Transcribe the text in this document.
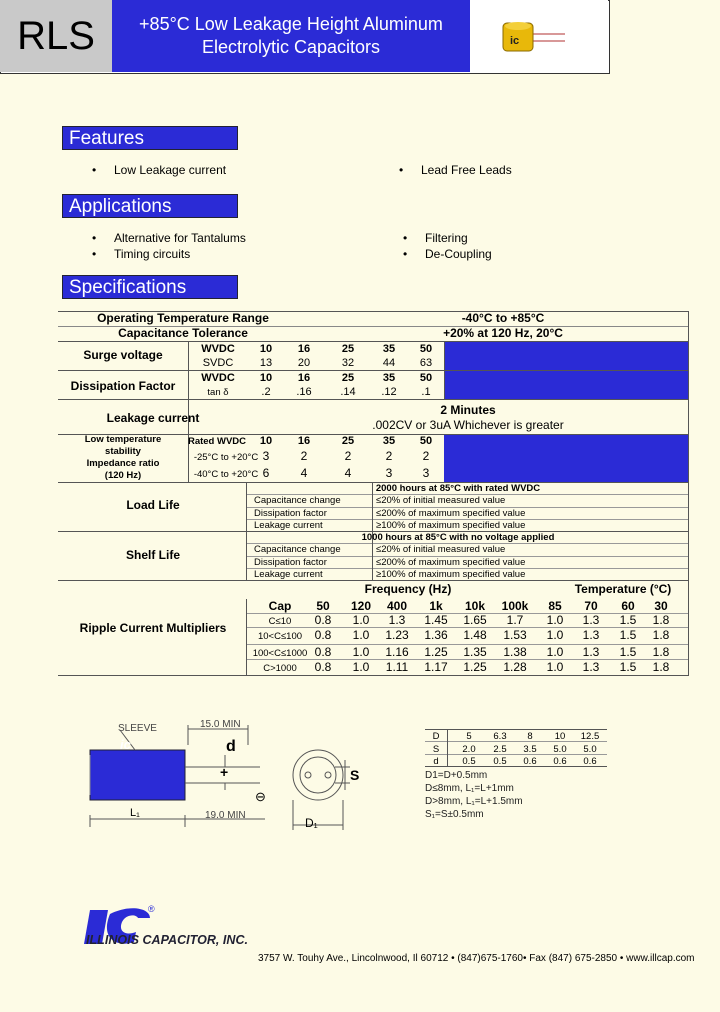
RLS	+85°C Low Leakage Height Aluminum
Electrolytic Capacitors	ic
Features
• Low Leakage current
•	Lead Free Leads
Applications
• Alternative for Tantalums
• Timing circuits
• Filtering
• De-Coupling
Specifications
Operating Temperature Range	-40°C to +85°C
Capacitance Tolerance	+20% at 120 Hz, 20°C
Surge voltage	WVDC
SVDC
10	16	25	35	50
13	20	32	44	63
Dissipation Factor
WVDC
tan δ
10	16	25	35	50
.2	.16	.14	.12	.1
Leakage current
2 Minutes
.002CV or 3uA Whichever is greater
Low temperature
stability
Impedance ratio
(120 Hz)
Rated WVDC
-25°C to +20°C
-40°C to +20°C
10	16	25	35	50
3	2	2	2	2
6	4	4	3	3
Load Life
2000 hours at 85°C with rated WVDC
Capacitance change	≤20% of initial measured value
Dissipation factor	≤200% of maximum specified value
Leakage current	≥100% of maximum specified value
Shelf Life
1000 hours at 85°C with no voltage applied
Capacitance change	≤20% of initial measured value
Dissipation factor	≤200% of maximum specified value
Leakage current	≥100% of maximum specified value
Ripple Current Multipliers
Frequency (Hz)	Temperature (°C)
Cap	50	120	400	1k	10k	100k	85	70	60	30
C≤10	0.8	1.0	1.3	1.45	1.65	1.7	1.0	1.3	1.5	1.8
10<C≤100	0.8	1.0	1.23	1.36	1.48	1.53	1.0	1.3	1.5	1.8
100<C≤1000 0.8	1.0	1.16	1.25	1.35	1.38	1.0	1.3	1.5	1.8
C>1000	0.8	1.0	1.11	1.17	1.25	1.28	1.0	1.3	1.5	1.8
ic
SLEEVE	15.0 MIN
19.0 MIN
d
L₁
D₁
S
+
⊖
D	5	6.3	8	10	12.5
S	2.0	2.5	3.5	5.0	5.0
d	0.5	0.5	0.6	0.6	0.6
D1=D+0.5mm
D≤8mm, L₁=L+1mm
D>8mm, L₁=L+1.5mm
S₁=S±0.5mm
®
ILLINOIS CAPACITOR, INC.
3757 W. Touhy Ave., Lincolnwood, Il 60712 • (847)675-1760• Fax (847) 675-2850 • www.illcap.com
